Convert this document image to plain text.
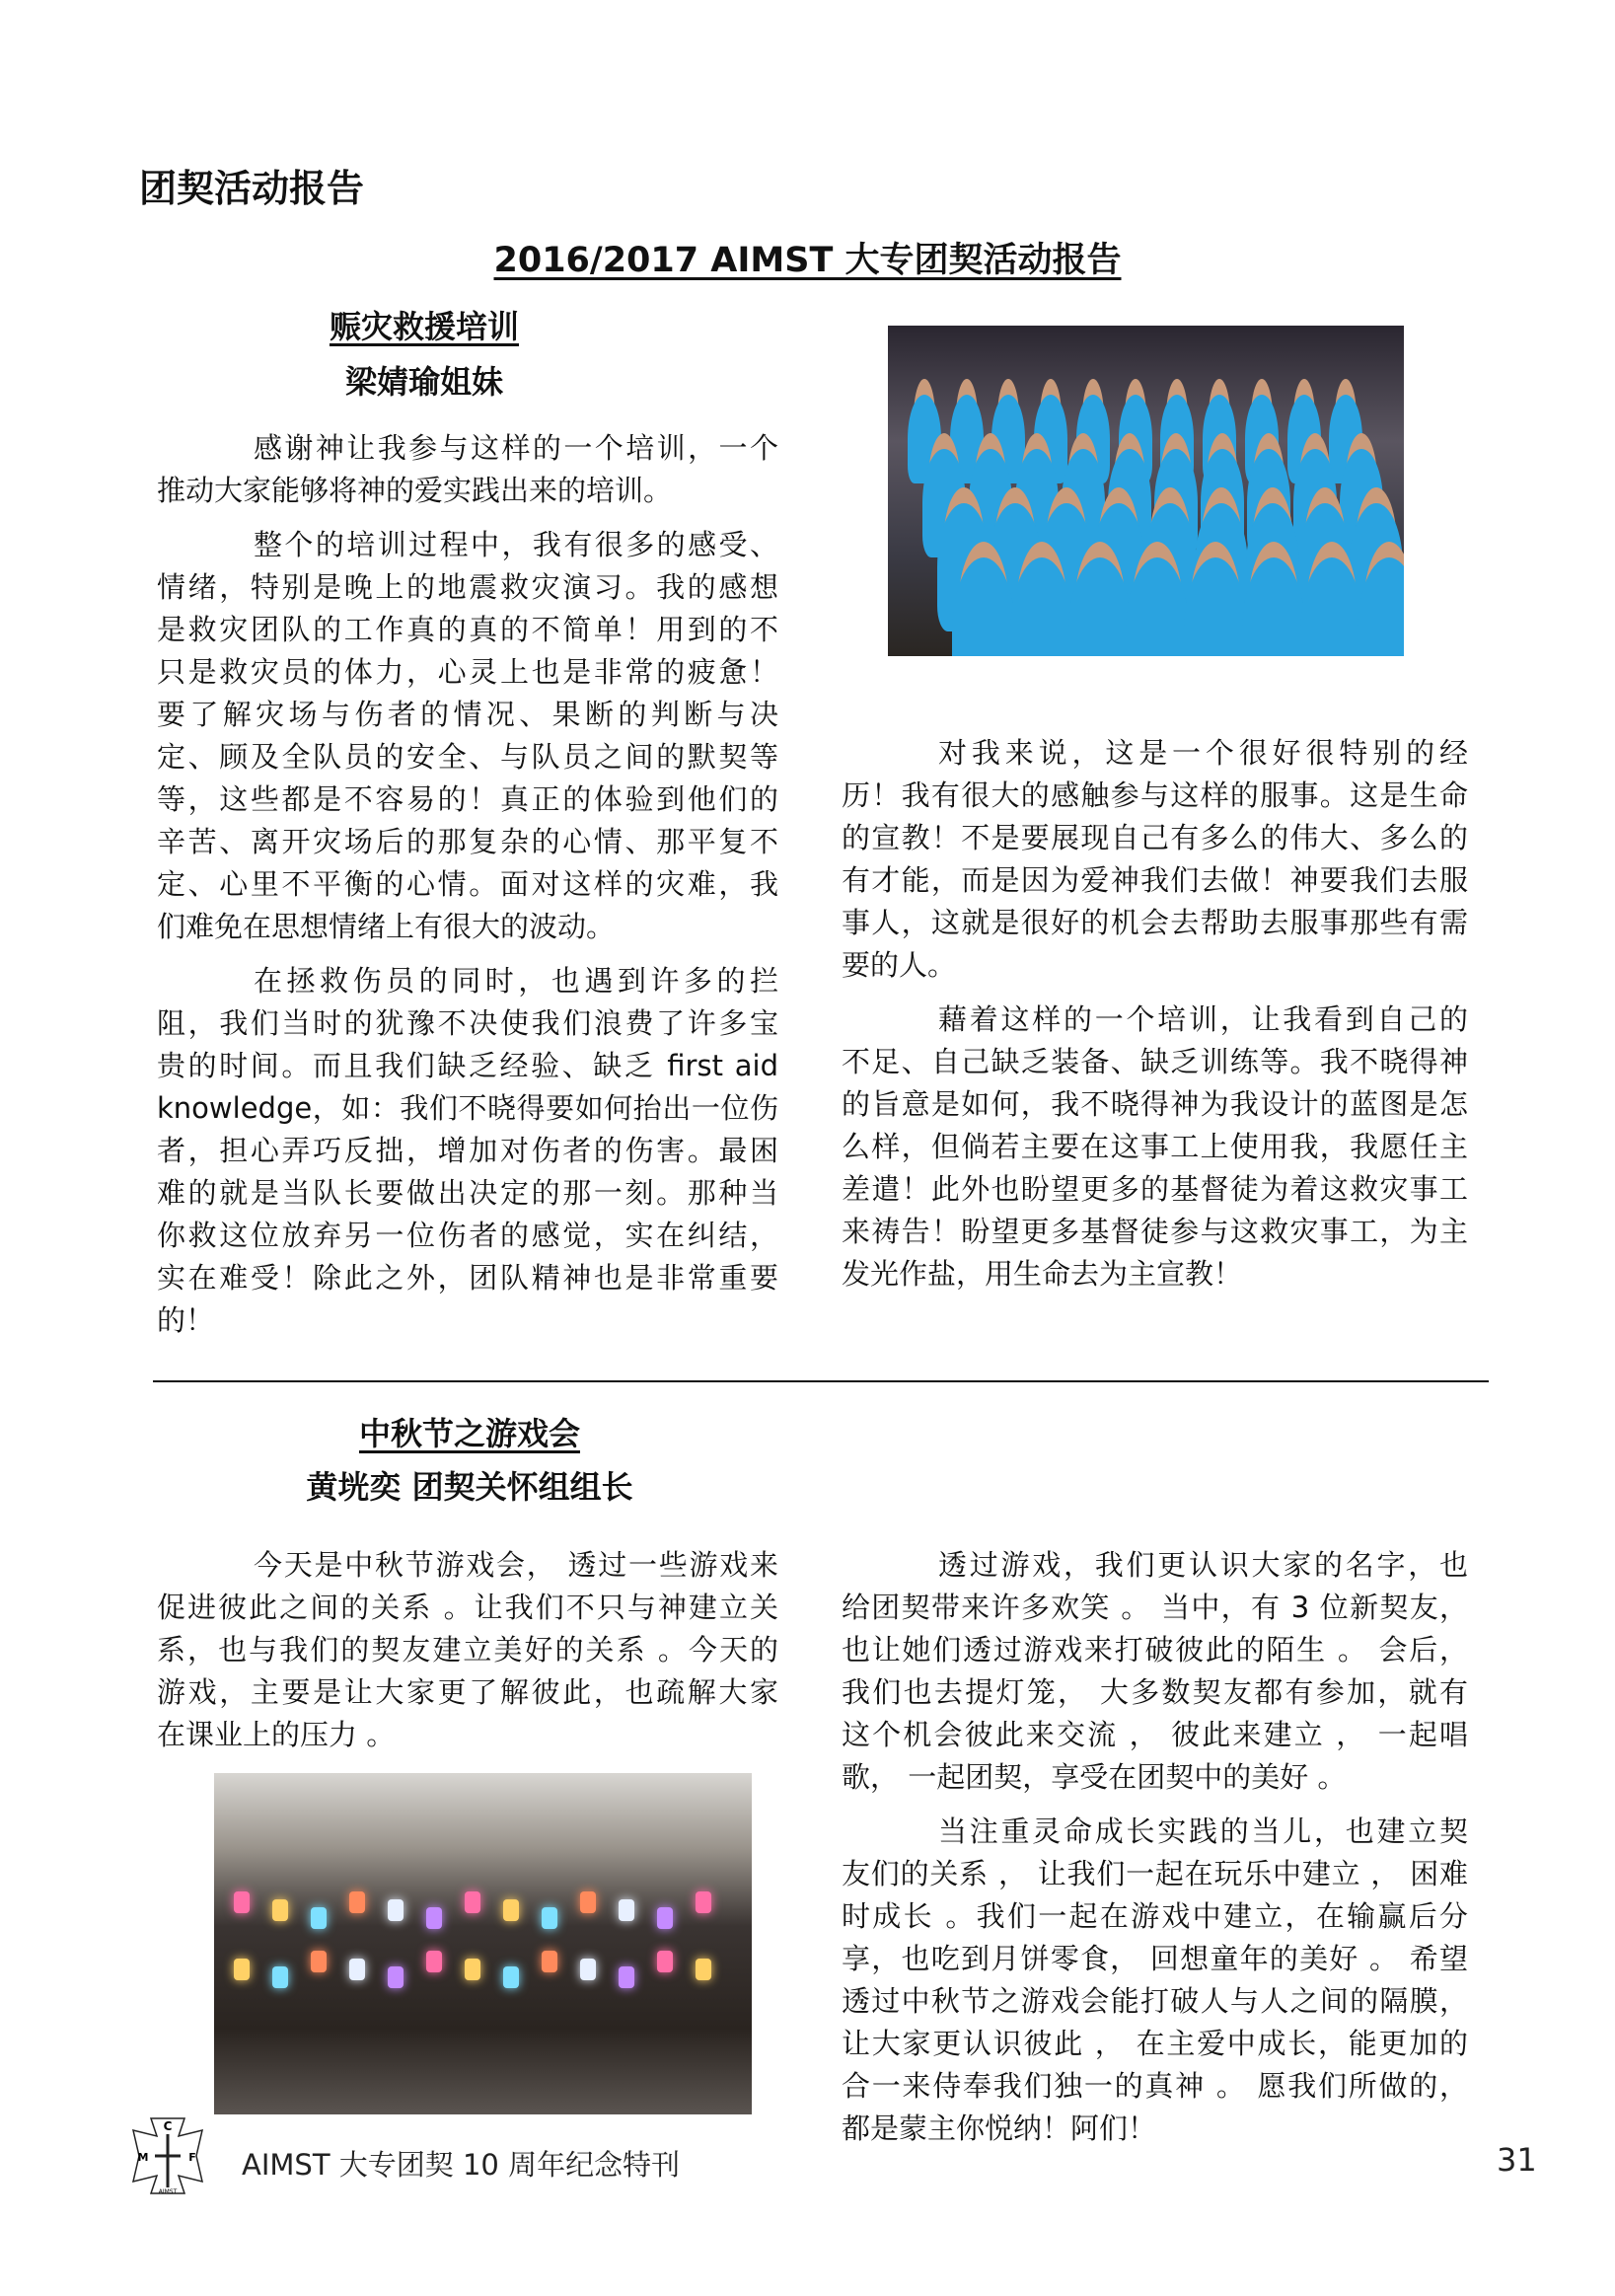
团契活动报告
2016/2017 AIMST 大专团契活动报告
赈灾救援培训
梁婧瑜姐妹
感谢神让我参与这样的一个培训，一个
推动大家能够将神的爱实践出来的培训。
整个的培训过程中，我有很多的感受、
情绪，特别是晚上的地震救灾演习。我的感想
是救灾团队的工作真的真的不简单！用到的不
只是救灾员的体力，心灵上也是非常的疲惫！
要了解灾场与伤者的情况、果断的判断与决
定、顾及全队员的安全、与队员之间的默契等
等，这些都是不容易的！真正的体验到他们的
辛苦、离开灾场后的那复杂的心情、那平复不
定、心里不平衡的心情。面对这样的灾难，我
们难免在思想情绪上有很大的波动。
在拯救伤员的同时，也遇到许多的拦
阻，我们当时的犹豫不决使我们浪费了许多宝
贵的时间。而且我们缺乏经验、缺乏 first aid
knowledge，如：我们不晓得要如何抬出一位伤
者，担心弄巧反拙，增加对伤者的伤害。最困
难的就是当队长要做出决定的那一刻。那种当
你救这位放弃另一位伤者的感觉，实在纠结，
实在难受！除此之外，团队精神也是非常重要
的！
对我来说，这是一个很好很特别的经
历！我有很大的感触参与这样的服事。这是生命
的宣教！不是要展现自己有多么的伟大、多么的
有才能，而是因为爱神我们去做！神要我们去服
事人，这就是很好的机会去帮助去服事那些有需
要的人。
藉着这样的一个培训，让我看到自己的
不足、自己缺乏装备、缺乏训练等。我不晓得神
的旨意是如何，我不晓得神为我设计的蓝图是怎
么样，但倘若主要在这事工上使用我，我愿任主
差遣！此外也盼望更多的基督徒为着这救灾事工
来祷告！盼望更多基督徒参与这救灾事工，为主
发光作盐，用生命去为主宣教！
中秋节之游戏会
黄垙奕 团契关怀组组长
今天是中秋节游戏会， 透过一些游戏来
促进彼此之间的关系 。让我们不只与神建立关
系，也与我们的契友建立美好的关系 。今天的
游戏，主要是让大家更了解彼此，也疏解大家
在课业上的压力 。
透过游戏，我们更认识大家的名字，也
给团契带来许多欢笑 。 当中，有 3 位新契友，
也让她们透过游戏来打破彼此的陌生 。 会后，
我们也去提灯笼， 大多数契友都有参加，就有
这个机会彼此来交流 ， 彼此来建立 ， 一起唱
歌， 一起团契，享受在团契中的美好 。
当注重灵命成长实践的当儿，也建立契
友们的关系 ， 让我们一起在玩乐中建立 ， 困难
时成长 。我们一起在游戏中建立，在输赢后分
享，也吃到月饼零食， 回想童年的美好 。 希望
透过中秋节之游戏会能打破人与人之间的隔膜，
让大家更认识彼此 ， 在主爱中成长，能更加的
合一来侍奉我们独一的真神 。 愿我们所做的，
都是蒙主你悦纳！阿们！
C
M	F
AIMST
AIMST 大专团契 10 周年纪念特刊	31
